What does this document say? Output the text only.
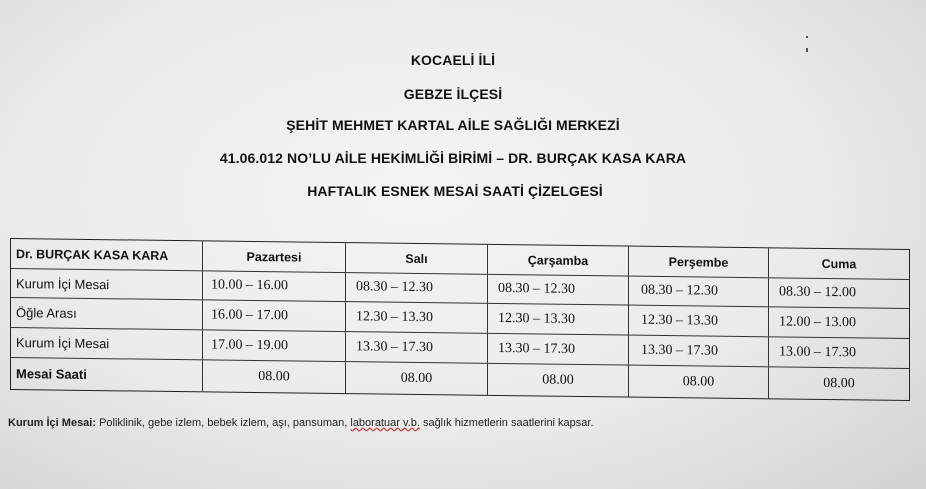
KOCAELİ İLİ
GEBZE İLÇESİ
ŞEHİT MEHMET KARTAL AİLE SAĞLIĞI MERKEZİ
41.06.012 NO’LU AİLE HEKİMLİĞİ BİRİMİ – DR. BURÇAK KASA KARA
HAFTALIK ESNEK MESAİ SAATİ ÇİZELGESİ
Dr. BURÇAK KASA KARA	Pazartesi	Salı	Çarşamba	Perşembe	Cuma
Kurum İçi Mesai	10.00 – 16.00	08.30 – 12.30	08.30 – 12.30	08.30 – 12.30	08.30 – 12.00
Öğle Arası	16.00 – 17.00	12.30 – 13.30	12.30 – 13.30	12.30 – 13.30	12.00 – 13.00
Kurum İçi Mesai	17.00 – 19.00	13.30 – 17.30	13.30 – 17.30	13.30 – 17.30	13.00 – 17.30
Mesai Saati	08.00	08.00	08.00	08.00	08.00
Kurum İçi Mesai: Poliklinik, gebe izlem, bebek izlem, aşı, pansuman, laboratuar v.b. sağlık hizmetlerin saatlerini kapsar.
